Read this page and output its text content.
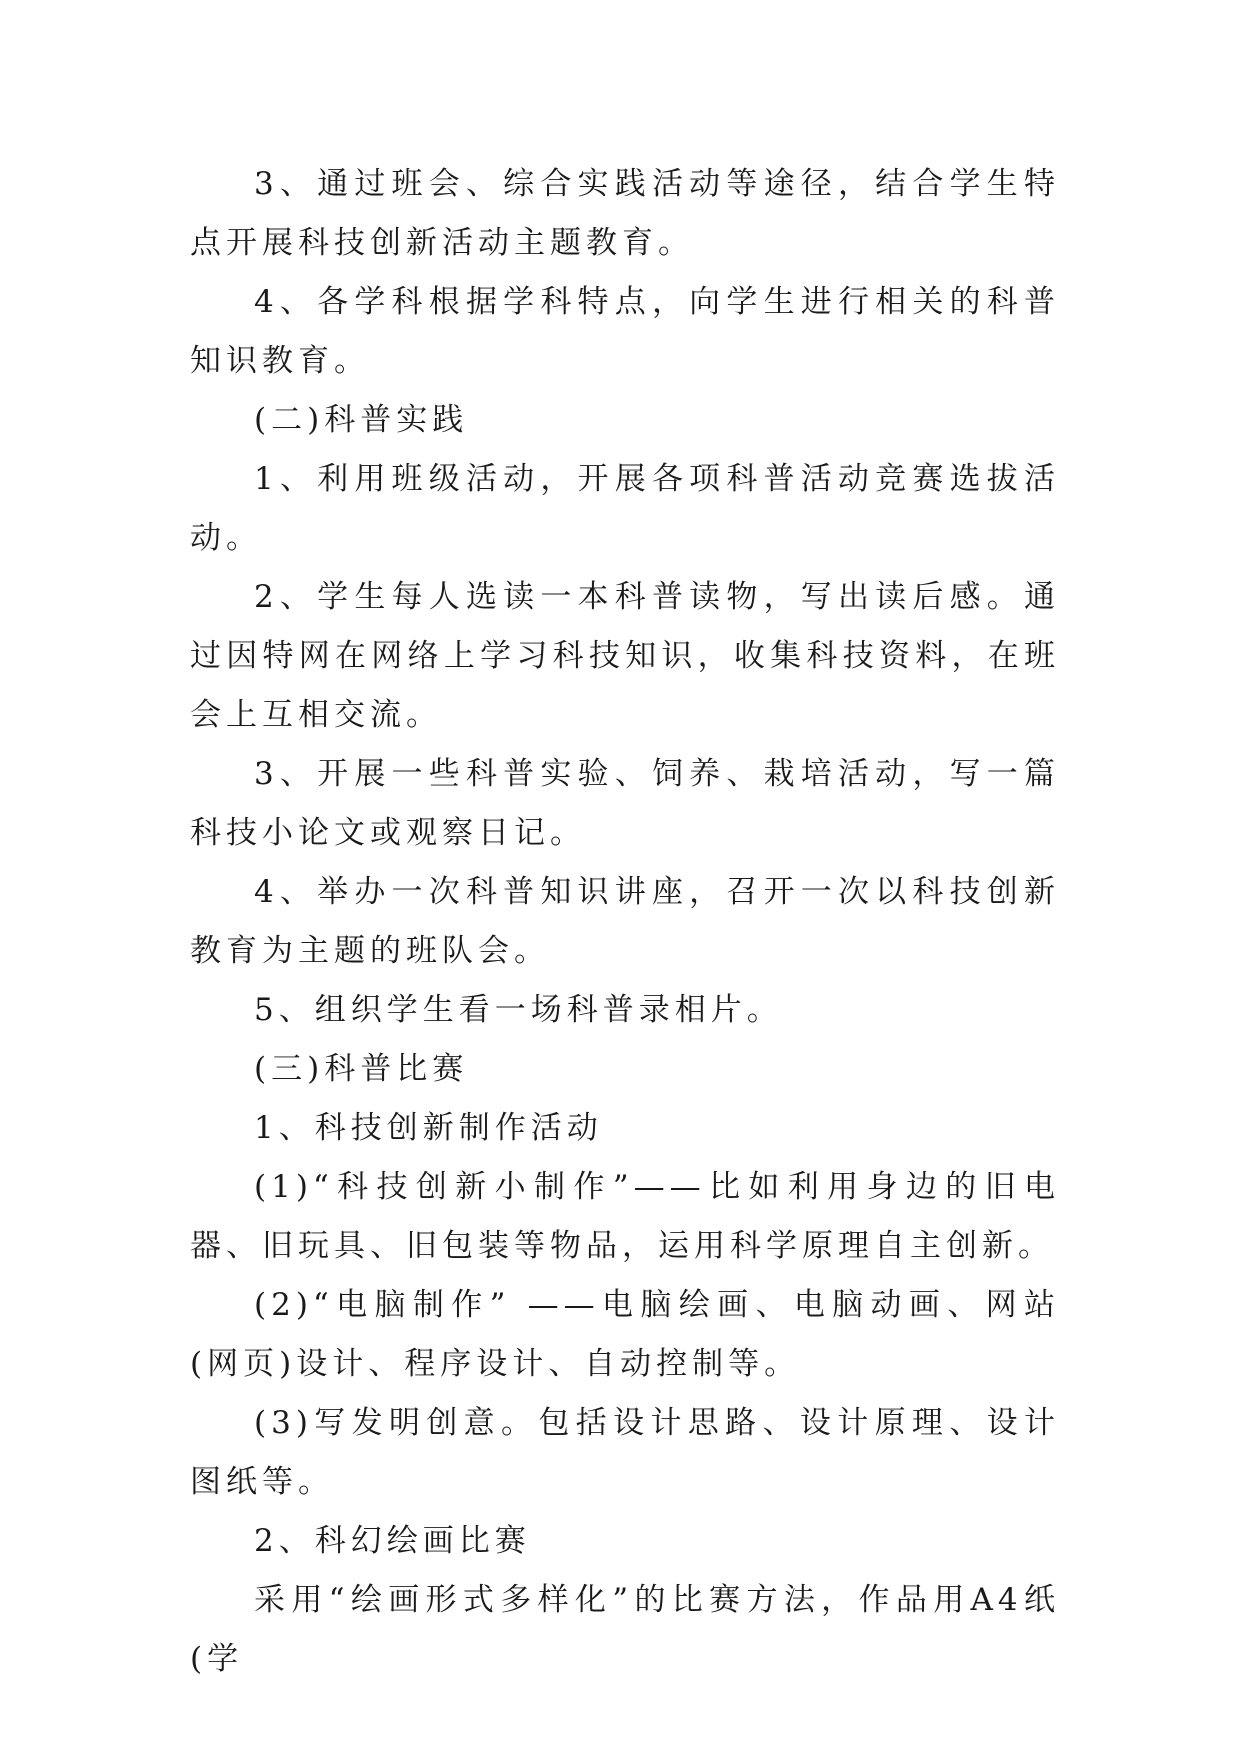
3、通过班会、综合实践活动等途径，结合学生特点开展科技创新活动主题教育。

4、各学科根据学科特点，向学生进行相关的科普知识教育。

(二)科普实践

1、利用班级活动，开展各项科普活动竞赛选拔活动。

2、学生每人选读一本科普读物，写出读后感。通过因特网在网络上学习科技知识，收集科技资料，在班会上互相交流。

3、开展一些科普实验、饲养、栽培活动，写一篇科技小论文或观察日记。

4、举办一次科普知识讲座，召开一次以科技创新教育为主题的班队会。

5、组织学生看一场科普录相片。

(三)科普比赛

1、科技创新制作活动

(1)“科技创新小制作”——比如利用身边的旧电器、旧玩具、旧包装等物品，运用科学原理自主创新。

(2)“电脑制作” ——电脑绘画、电脑动画、网站(网页)设计、程序设计、自动控制等。

(3)写发明创意。包括设计思路、设计原理、设计图纸等。

2、科幻绘画比赛

采用“绘画形式多样化”的比赛方法，作品用A4纸(学
